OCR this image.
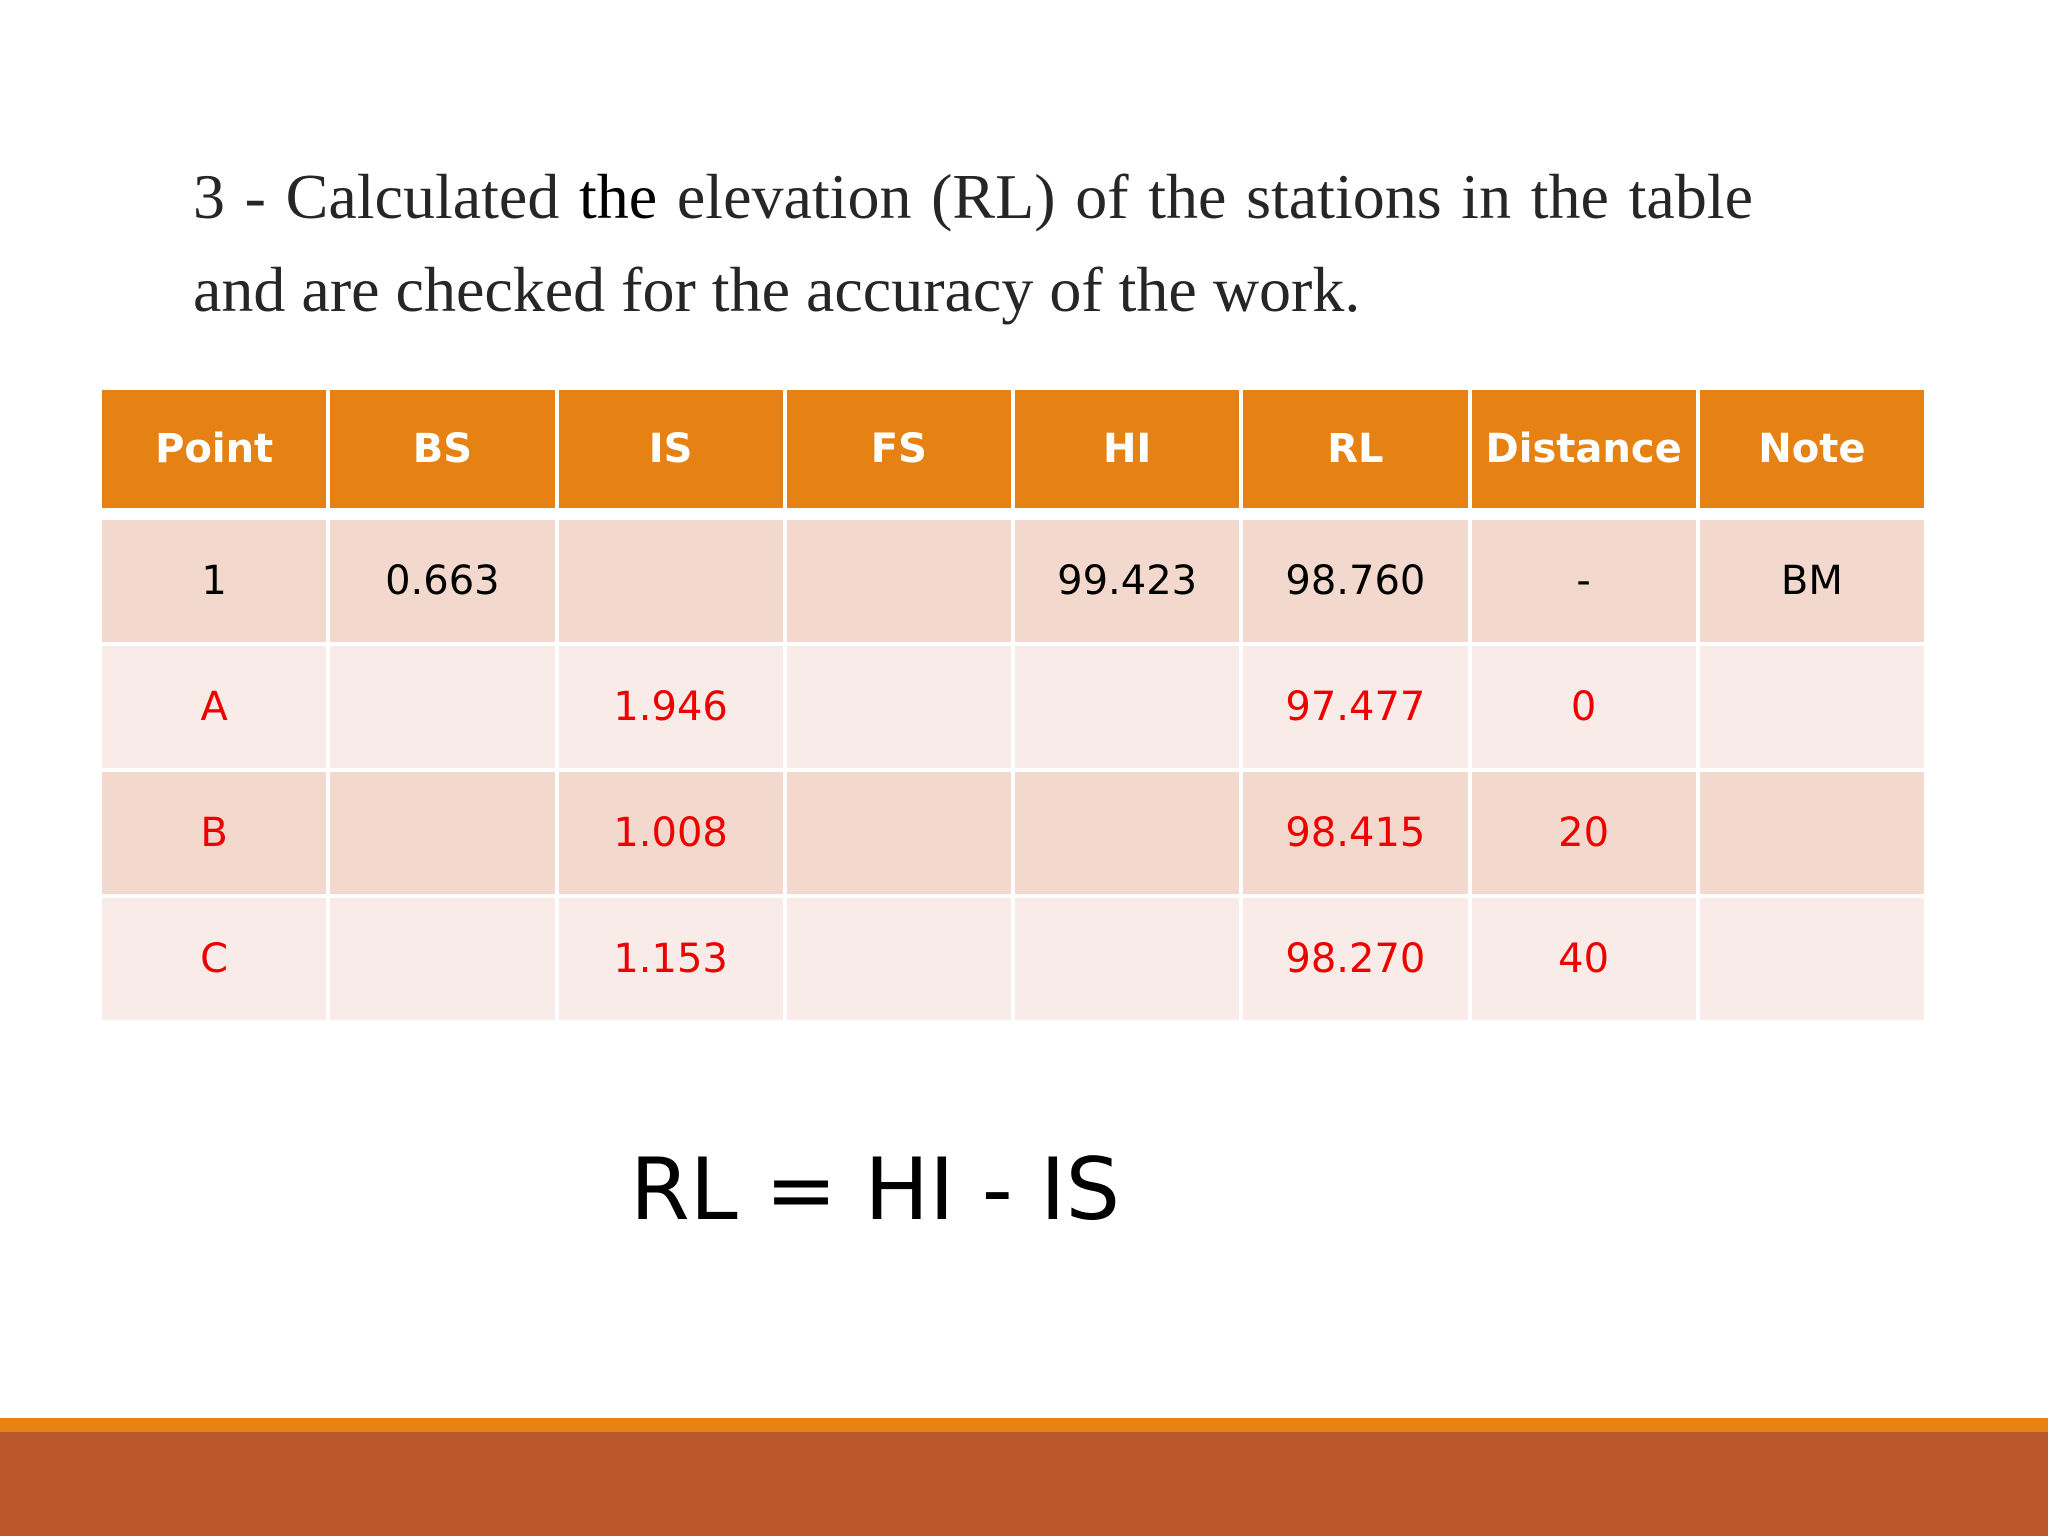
3 - Calculated the elevation (RL) of the stations in the table and are checked for the accuracy of the work.

Point	BS	IS	FS	HI	RL	Distance	Note
1	0.663			99.423	98.760	-	BM
A		1.946			97.477	0	
B		1.008			98.415	20	
C		1.153			98.270	40	
RL = HI - IS
